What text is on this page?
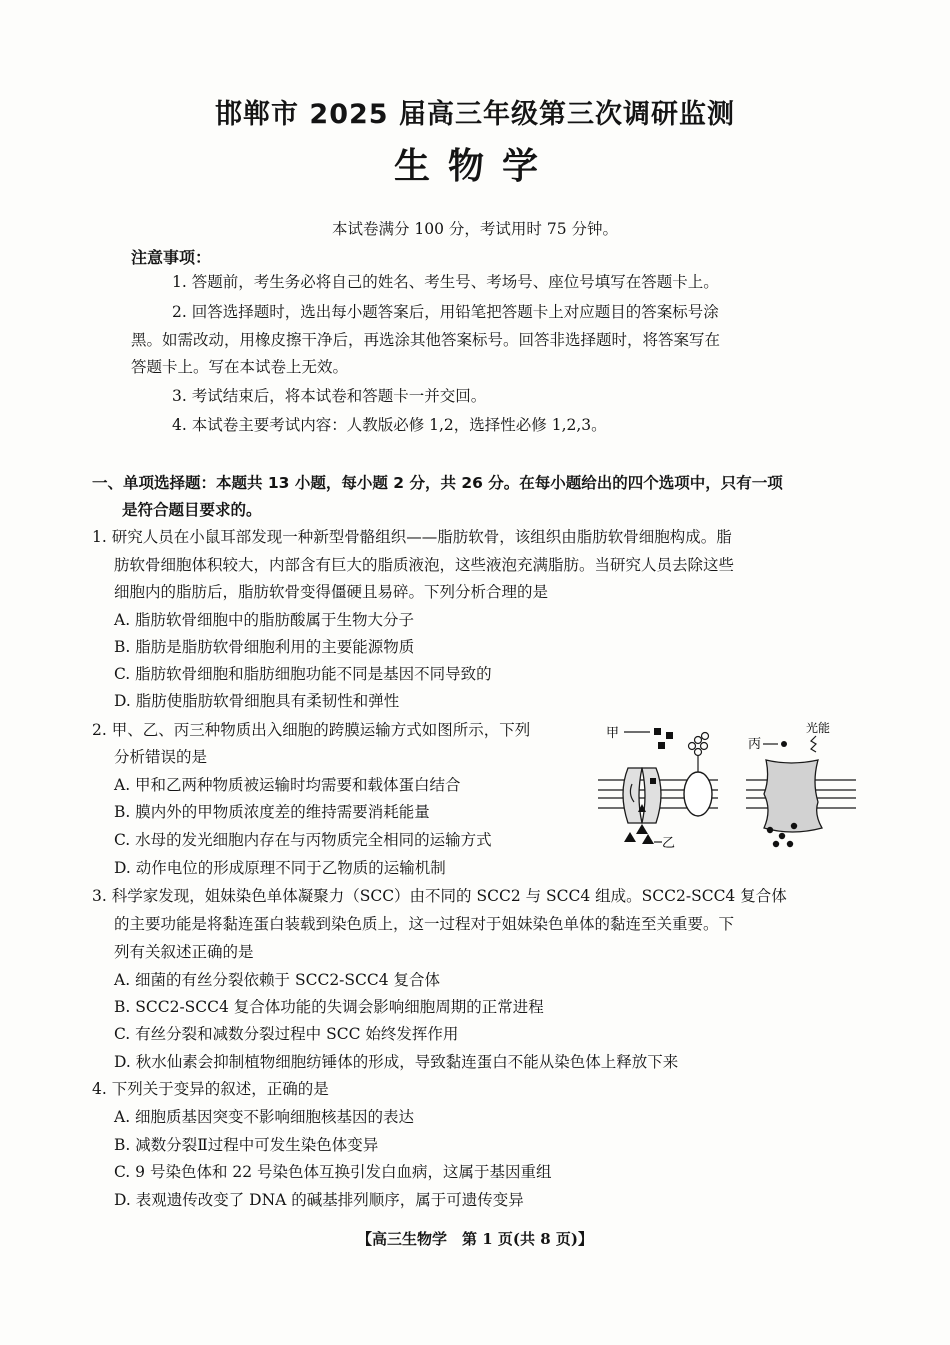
邯郸市 2025 届高三年级第三次调研监测
生物学
本试卷满分 100 分，考试用时 75 分钟。
注意事项：
1. 答题前，考生务必将自己的姓名、考生号、考场号、座位号填写在答题卡上。
2. 回答选择题时，选出每小题答案后，用铅笔把答题卡上对应题目的答案标号涂
黑。如需改动，用橡皮擦干净后，再选涂其他答案标号。回答非选择题时，将答案写在
答题卡上。写在本试卷上无效。
3. 考试结束后，将本试卷和答题卡一并交回。
4. 本试卷主要考试内容：人教版必修 1,2，选择性必修 1,2,3。
一、单项选择题：本题共 13 小题，每小题 2 分，共 26 分。在每小题给出的四个选项中，只有一项
是符合题目要求的。
1. 研究人员在小鼠耳部发现一种新型骨骼组织——脂肪软骨，该组织由脂肪软骨细胞构成。脂
肪软骨细胞体积较大，内部含有巨大的脂质液泡，这些液泡充满脂肪。当研究人员去除这些
细胞内的脂肪后，脂肪软骨变得僵硬且易碎。下列分析合理的是
A. 脂肪软骨细胞中的脂肪酸属于生物大分子
B. 脂肪是脂肪软骨细胞利用的主要能源物质
C. 脂肪软骨细胞和脂肪细胞功能不同是基因不同导致的
D. 脂肪使脂肪软骨细胞具有柔韧性和弹性
2. 甲、乙、丙三种物质出入细胞的跨膜运输方式如图所示，下列
分析错误的是
A. 甲和乙两种物质被运输时均需要和载体蛋白结合
B. 膜内外的甲物质浓度差的维持需要消耗能量
C. 水母的发光细胞内存在与丙物质完全相同的运输方式
D. 动作电位的形成原理不同于乙物质的运输机制
甲
乙
丙
光能
3. 科学家发现，姐妹染色单体凝聚力（SCC）由不同的 SCC2 与 SCC4 组成。SCC2-SCC4 复合体
的主要功能是将黏连蛋白装载到染色质上，这一过程对于姐妹染色单体的黏连至关重要。下
列有关叙述正确的是
A. 细菌的有丝分裂依赖于 SCC2-SCC4 复合体
B. SCC2-SCC4 复合体功能的失调会影响细胞周期的正常进程
C. 有丝分裂和减数分裂过程中 SCC 始终发挥作用
D. 秋水仙素会抑制植物细胞纺锤体的形成，导致黏连蛋白不能从染色体上释放下来
4. 下列关于变异的叙述，正确的是
A. 细胞质基因突变不影响细胞核基因的表达
B. 减数分裂Ⅱ过程中可发生染色体变异
C. 9 号染色体和 22 号染色体互换引发白血病，这属于基因重组
D. 表观遗传改变了 DNA 的碱基排列顺序，属于可遗传变异
【高三生物学　第 1 页(共 8 页)】
